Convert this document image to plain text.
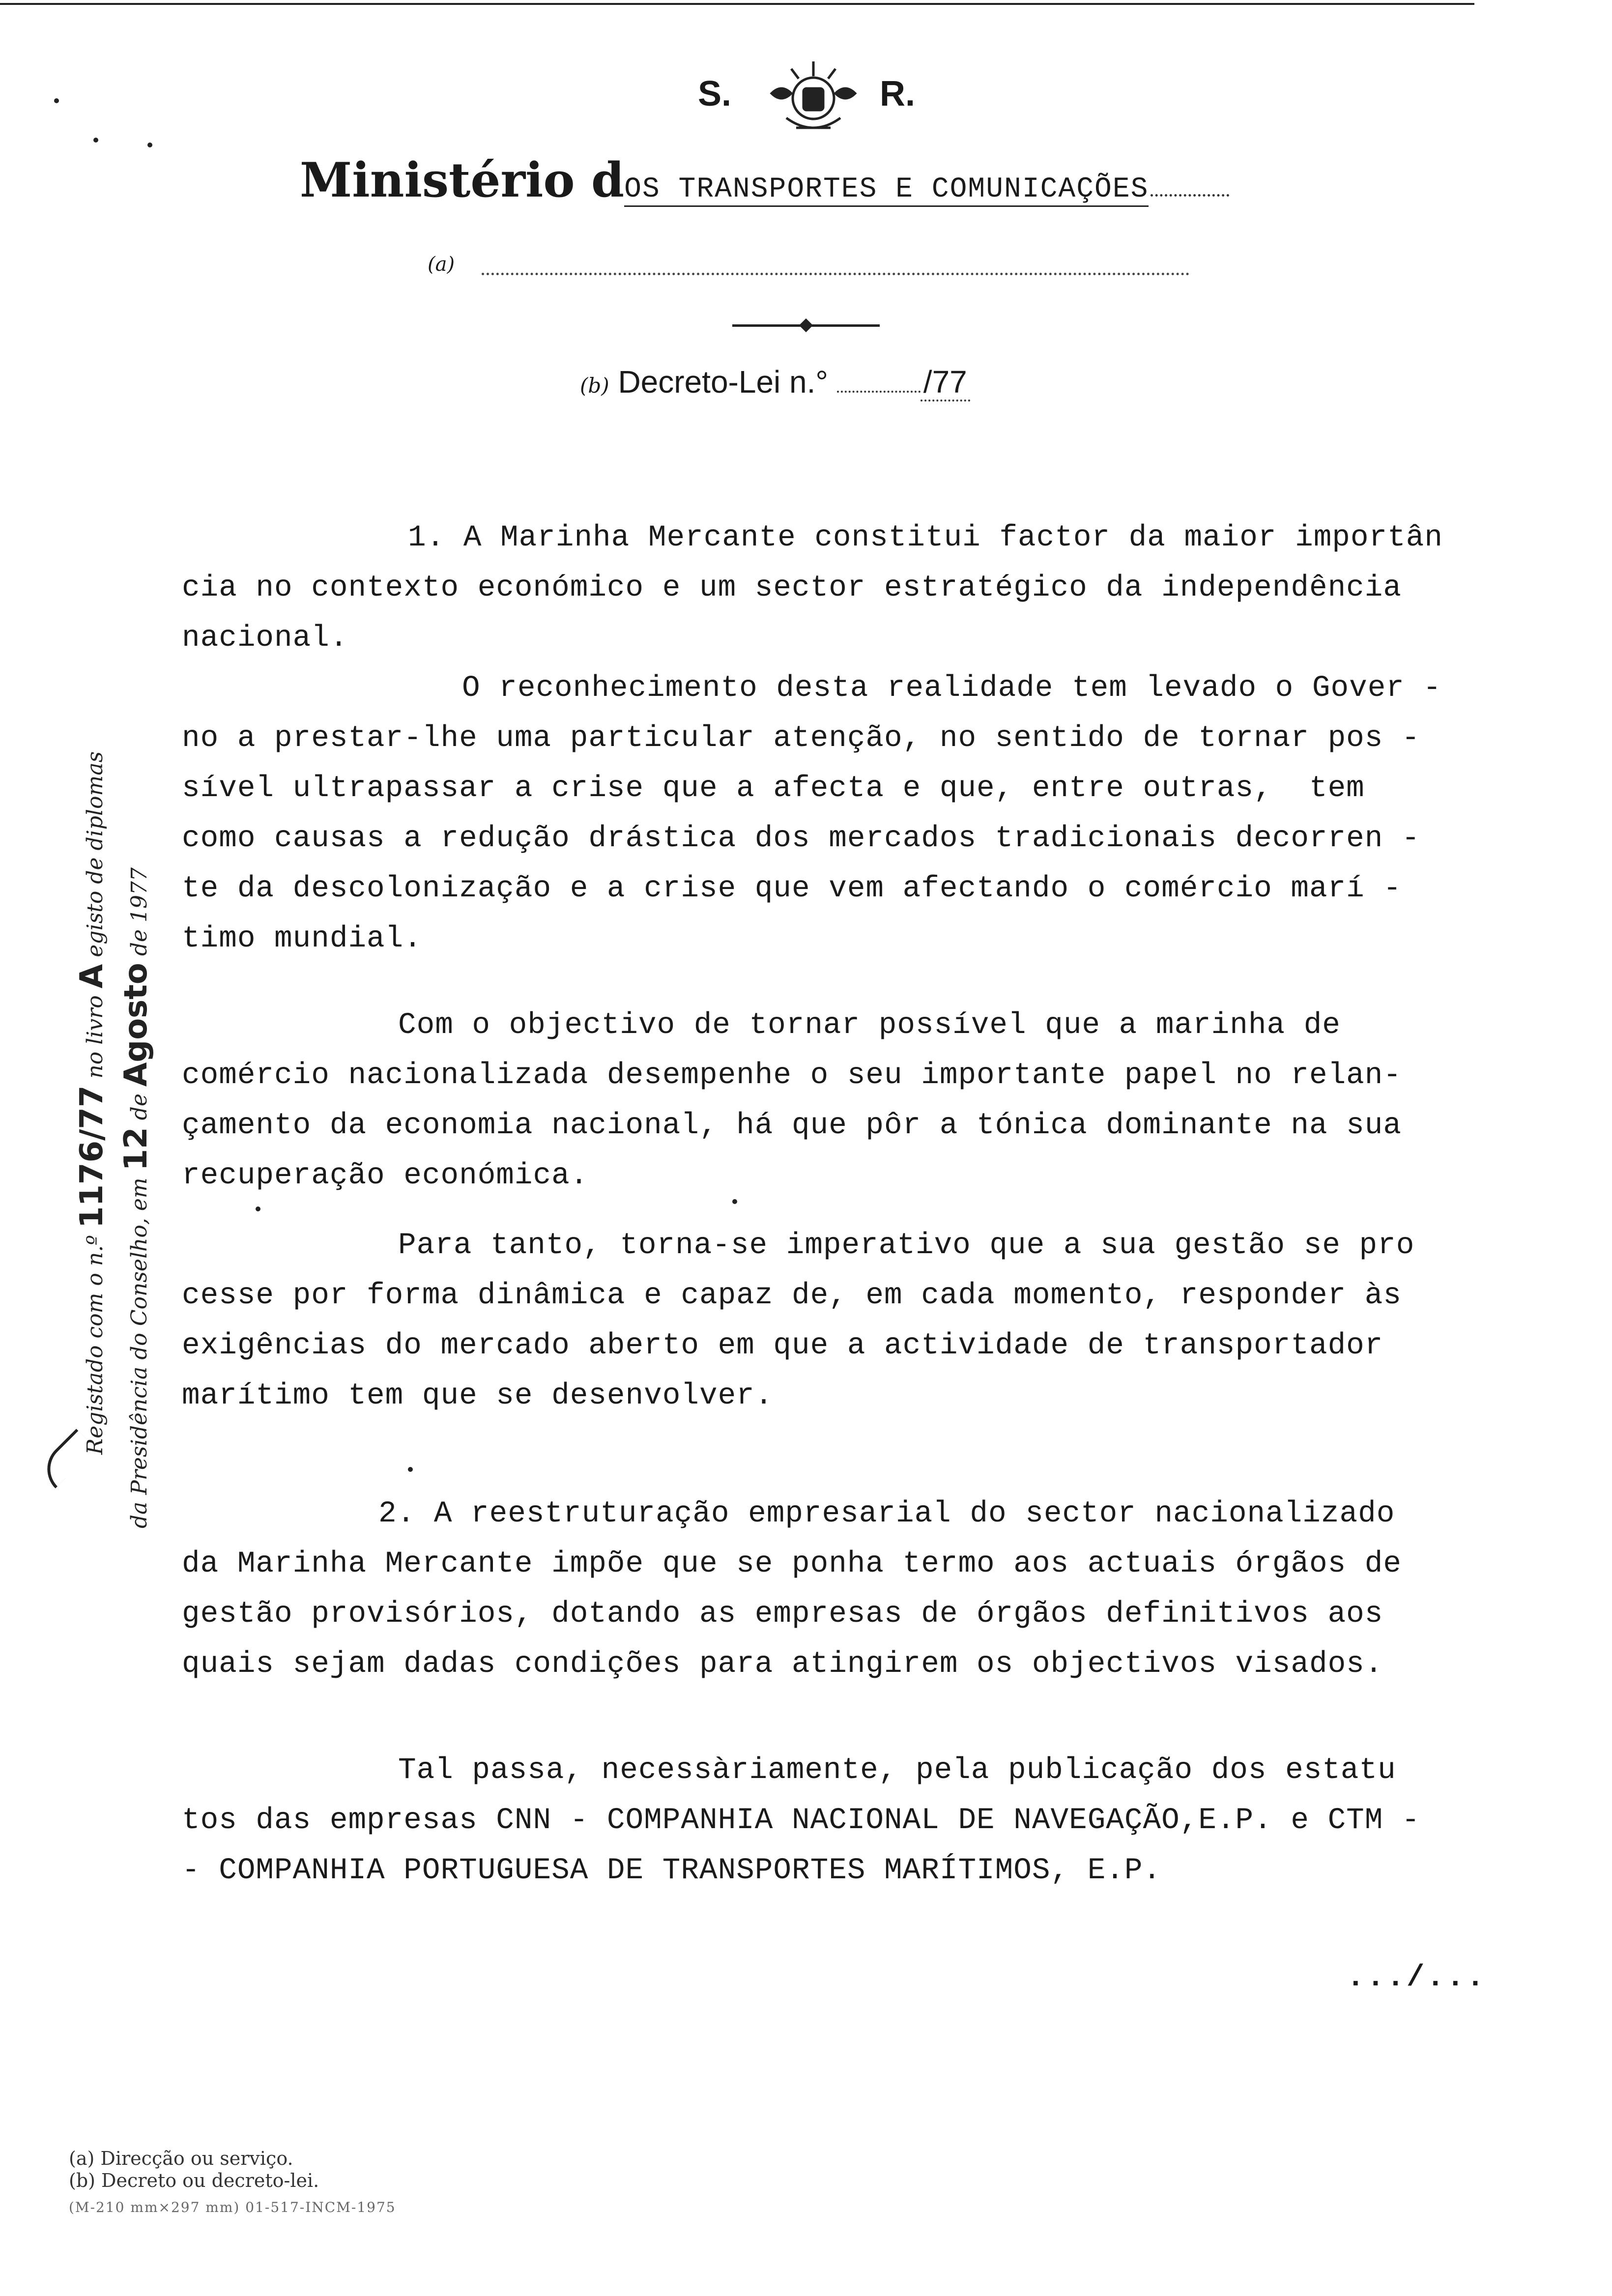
S.	R.
Ministério dOS TRANSPORTES E COMUNICAÇÕES
(a)
(b) Decreto-Lei n.°	/77
Registado com o n.º 1176/77 no livro A egisto de diplomas
da Presidência do Conselho, em 12 de Agosto de 1977
1. A Marinha Mercante constitui factor da maior importân
cia no contexto económico e um sector estratégico da independência
nacional.
O reconhecimento desta realidade tem levado o Gover -
no a prestar-lhe uma particular atenção, no sentido de tornar pos -
sível ultrapassar a crise que a afecta e que, entre outras,  tem
como causas a redução drástica dos mercados tradicionais decorren -
te da descolonização e a crise que vem afectando o comércio marí -
timo mundial.
Com o objectivo de tornar possível que a marinha de
comércio nacionalizada desempenhe o seu importante papel no relan-
çamento da economia nacional, há que pôr a tónica dominante na sua
recuperação económica.
Para tanto, torna-se imperativo que a sua gestão se pro
cesse por forma dinâmica e capaz de, em cada momento, responder às
exigências do mercado aberto em que a actividade de transportador
marítimo tem que se desenvolver.
2. A reestruturação empresarial do sector nacionalizado
da Marinha Mercante impõe que se ponha termo aos actuais órgãos de
gestão provisórios, dotando as empresas de órgãos definitivos aos
quais sejam dadas condições para atingirem os objectivos visados.
Tal passa, necessàriamente, pela publicação dos estatu
tos das empresas CNN - COMPANHIA NACIONAL DE NAVEGAÇÃO,E.P. e CTM -
- COMPANHIA PORTUGUESA DE TRANSPORTES MARÍTIMOS, E.P.
.../...
(a) Direcção ou serviço.
(b) Decreto ou decreto-lei.
(M-210 mm×297 mm) 01-517-INCM-1975
